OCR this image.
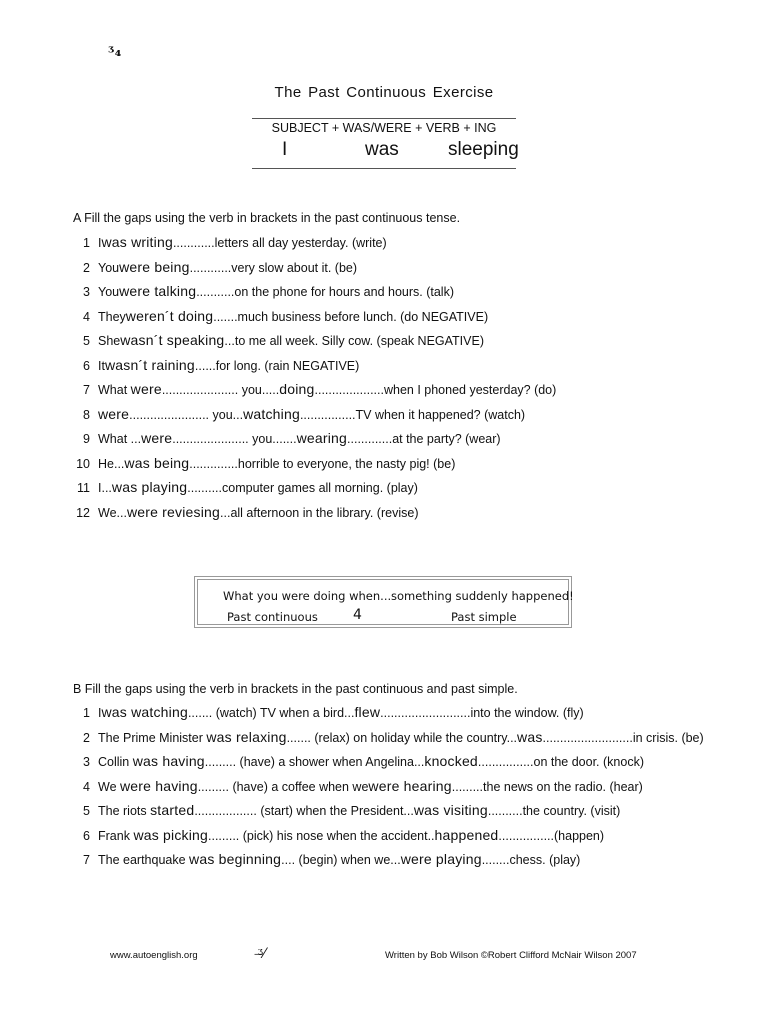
ᶾ₄
The Past Continuous Exercise
SUBJECT + WAS/WERE + VERB + ING
I	was	sleeping
A Fill the gaps using the verb in brackets in the past continuous tense.
1 Iwas writing............letters all day yesterday. (write)
2 Youwere being............very slow about it. (be)
3 Youwere talking...........on the phone for hours and hours. (talk)
4 Theyweren´t doing.......much business before lunch. (do NEGATIVE)
5 Shewasn´t speaking...to me all week. Silly cow. (speak NEGATIVE)
6 Itwasn´t raining......for long. (rain NEGATIVE)
7 What were...................... you.....doing....................when I phoned yesterday? (do)
8 were....................... you...watching................TV when it happened? (watch)
9 What ...were...................... you.......wearing.............at the party? (wear)
10 He...was being..............horrible to everyone, the nasty pig! (be)
11 I...was playing..........computer games all morning. (play)
12 We...were reviesing...all afternoon in the library. (revise)
What you were doing when... something suddenly happened!
Past continuous	4	Past simple
B Fill the gaps using the verb in brackets in the past continuous and past simple.
1 Iwas watching....... (watch) TV when a bird...flew..........................into the window. (fly)
2 The Prime Minister was relaxing....... (relax) on holiday while the country...was..........................in crisis. (be)
3 Collin was having......... (have) a shower when Angelina...knocked................on the door. (knock)
4 We were having......... (have) a coffee when wewere hearing.........the news on the radio. (hear)
5 The riots started.................. (start) when the President...was visiting..........the country. (visit)
6 Frank was picking......... (pick) his nose when the accident..happened................(happen)
7 The earthquake was beginning.... (begin) when we...were playing........chess. (play)
www.autoenglish.org	ᶾ̶⁄	Written by Bob Wilson ©Robert Clifford McNair Wilson 2007
